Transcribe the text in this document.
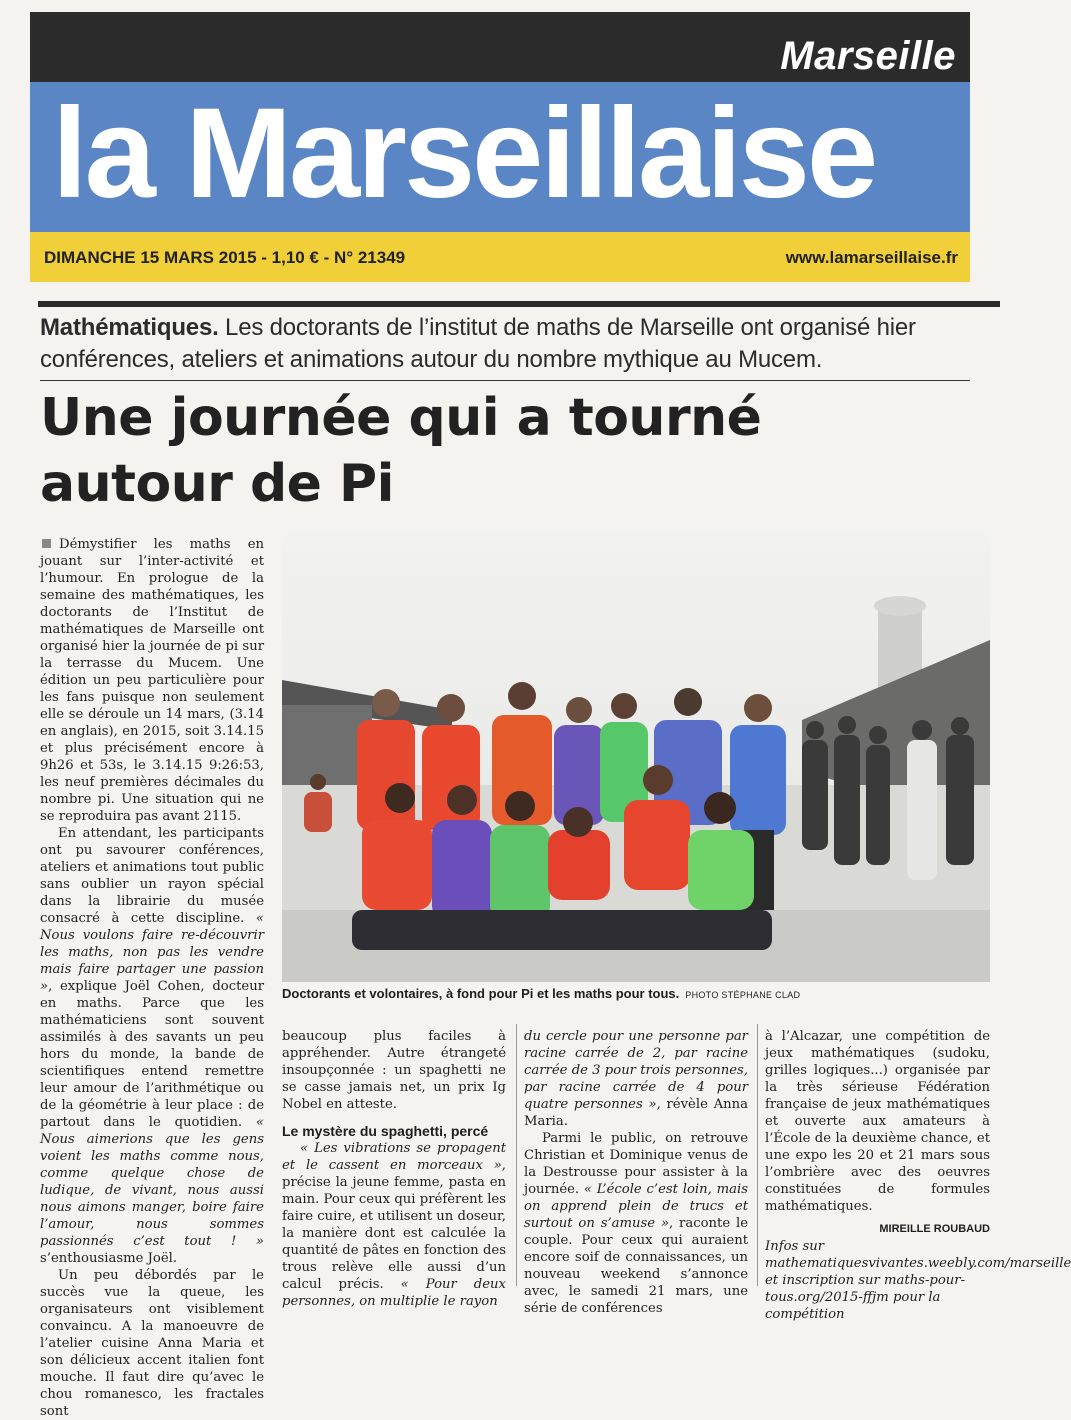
Marseille
la Marseillaise
DIMANCHE 15 MARS 2015 - 1,10 € - N° 21349	www.lamarseillaise.fr
Mathématiques. Les doctorants de l’institut de maths de Marseille ont organisé hier conférences, ateliers et animations autour du nombre mythique au Mucem.
Une journée qui a tourné autour de Pi

Démystifier les maths en jouant sur l’inter-activité et l’humour. En prologue de la semaine des mathématiques, les doctorants de l’Institut de mathématiques de Marseille ont organisé hier la journée de pi sur la terrasse du Mucem. Une édition un peu particulière pour les fans puisque non seulement elle se déroule un 14 mars, (3.14 en anglais), en 2015, soit 3.14.15 et plus précisément encore à 9h26 et 53s, le 3.14.15 9:26:53, les neuf premières décimales du nombre pi. Une situation qui ne se reproduira pas avant 2115.

En attendant, les participants ont pu savourer conférences, ateliers et animations tout public sans oublier un rayon spécial dans la librairie du musée consacré à cette discipline. « Nous voulons faire re-découvrir les maths, non pas les vendre mais faire partager une passion », explique Joël Cohen, docteur en maths. Parce que les mathématiciens sont souvent assimilés à des savants un peu hors du monde, la bande de scientifiques entend remettre leur amour de l’arithmétique ou de la géométrie à leur place : de partout dans le quotidien. « Nous aimerions que les gens voient les maths comme nous, comme quelque chose de ludique, de vivant, nous aussi nous aimons manger, boire faire l’amour, nous sommes passionnés c’est tout ! » s’enthousiasme Joël.

Un peu débordés par le succès vue la queue, les organisateurs ont visiblement convaincu. A la manoeuvre de l’atelier cuisine Anna Maria et son délicieux accent italien font mouche. Il faut dire qu’avec le chou romanesco, les fractales sont

Doctorants et volontaires, à fond pour Pi et les maths pour tous. PHOTO STÉPHANE CLAD

beaucoup plus faciles à appréhender. Autre étrangeté insoupçonnée : un spaghetti ne se casse jamais net, un prix Ig Nobel en atteste.

Le mystère du spaghetti, percé

« Les vibrations se propagent et le cassent en morceaux », précise la jeune femme, pasta en main. Pour ceux qui préfèrent les faire cuire, et utilisent un doseur, la manière dont est calculée la quantité de pâtes en fonction des trous relève elle aussi d’un calcul précis. « Pour deux personnes, on multiplie le rayon

du cercle pour une personne par racine carrée de 2, par racine carrée de 3 pour trois personnes, par racine carrée de 4 pour quatre personnes », révèle Anna Maria.

Parmi le public, on retrouve Christian et Dominique venus de la Destrousse pour assister à la journée. « L’école c’est loin, mais on apprend plein de trucs et surtout on s’amuse », raconte le couple. Pour ceux qui auraient encore soif de connaissances, un nouveau weekend s’annonce avec, le samedi 21 mars, une série de conférences

à l’Alcazar, une compétition de jeux mathématiques (sudoku, grilles logiques...) organisée par la très sérieuse Fédération française de jeux mathématiques et ouverte aux amateurs à l’École de la deuxième chance, et une expo les 20 et 21 mars sous l’ombrière avec des oeuvres constituées de formules mathématiques.

MIREILLE ROUBAUD

Infos sur mathematiquesvivantes.weebly.com/marseille et inscription sur maths-pour-tous.org/2015-ffjm pour la compétition
